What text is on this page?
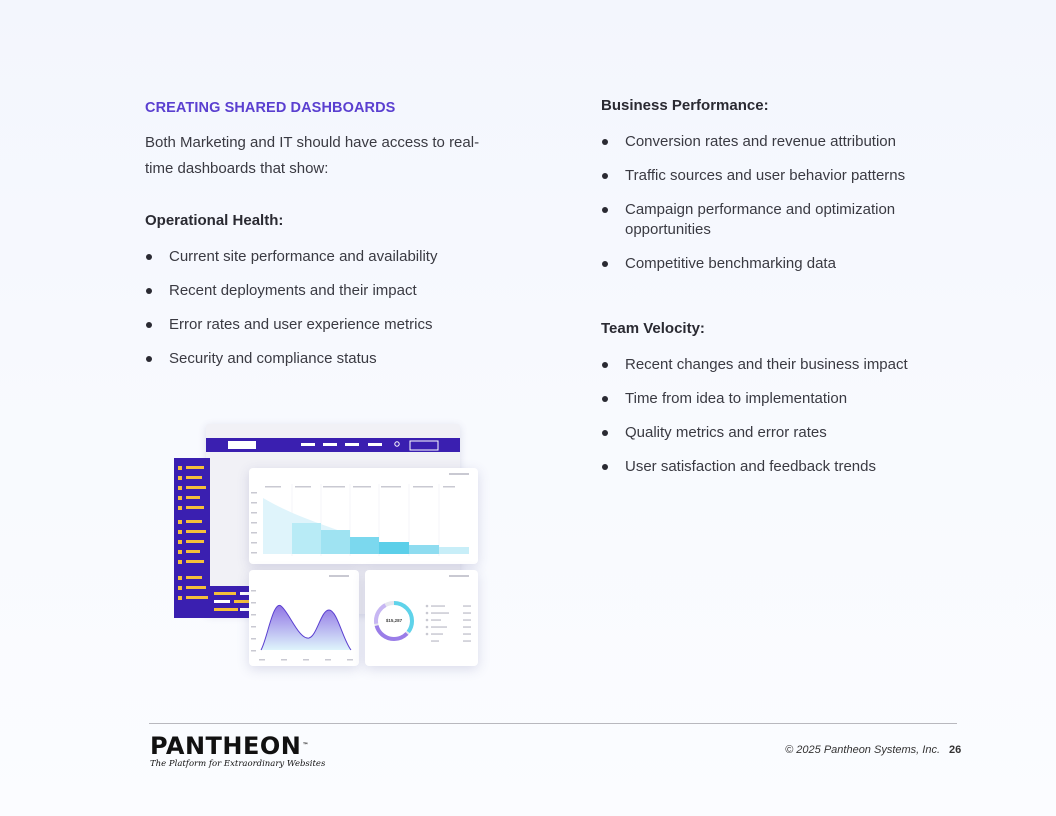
CREATING SHARED DASHBOARDS

Both Marketing and IT should have access to real-time dashboards that show:

Operational Health:
Current site performance and availability
Recent deployments and their impact
Error rates and user experience metrics
Security and compliance status
Business Performance:
Conversion rates and revenue attribution
Traffic sources and user behavior patterns
Campaign performance and optimization opportunities
Competitive benchmarking data
Team Velocity:
Recent changes and their business impact
Time from idea to implementation
Quality metrics and error rates
User satisfaction and feedback trends
$15,287
PANTHEON™
The Platform for Extraordinary Websites
© 2025 Pantheon Systems, Inc. 26
